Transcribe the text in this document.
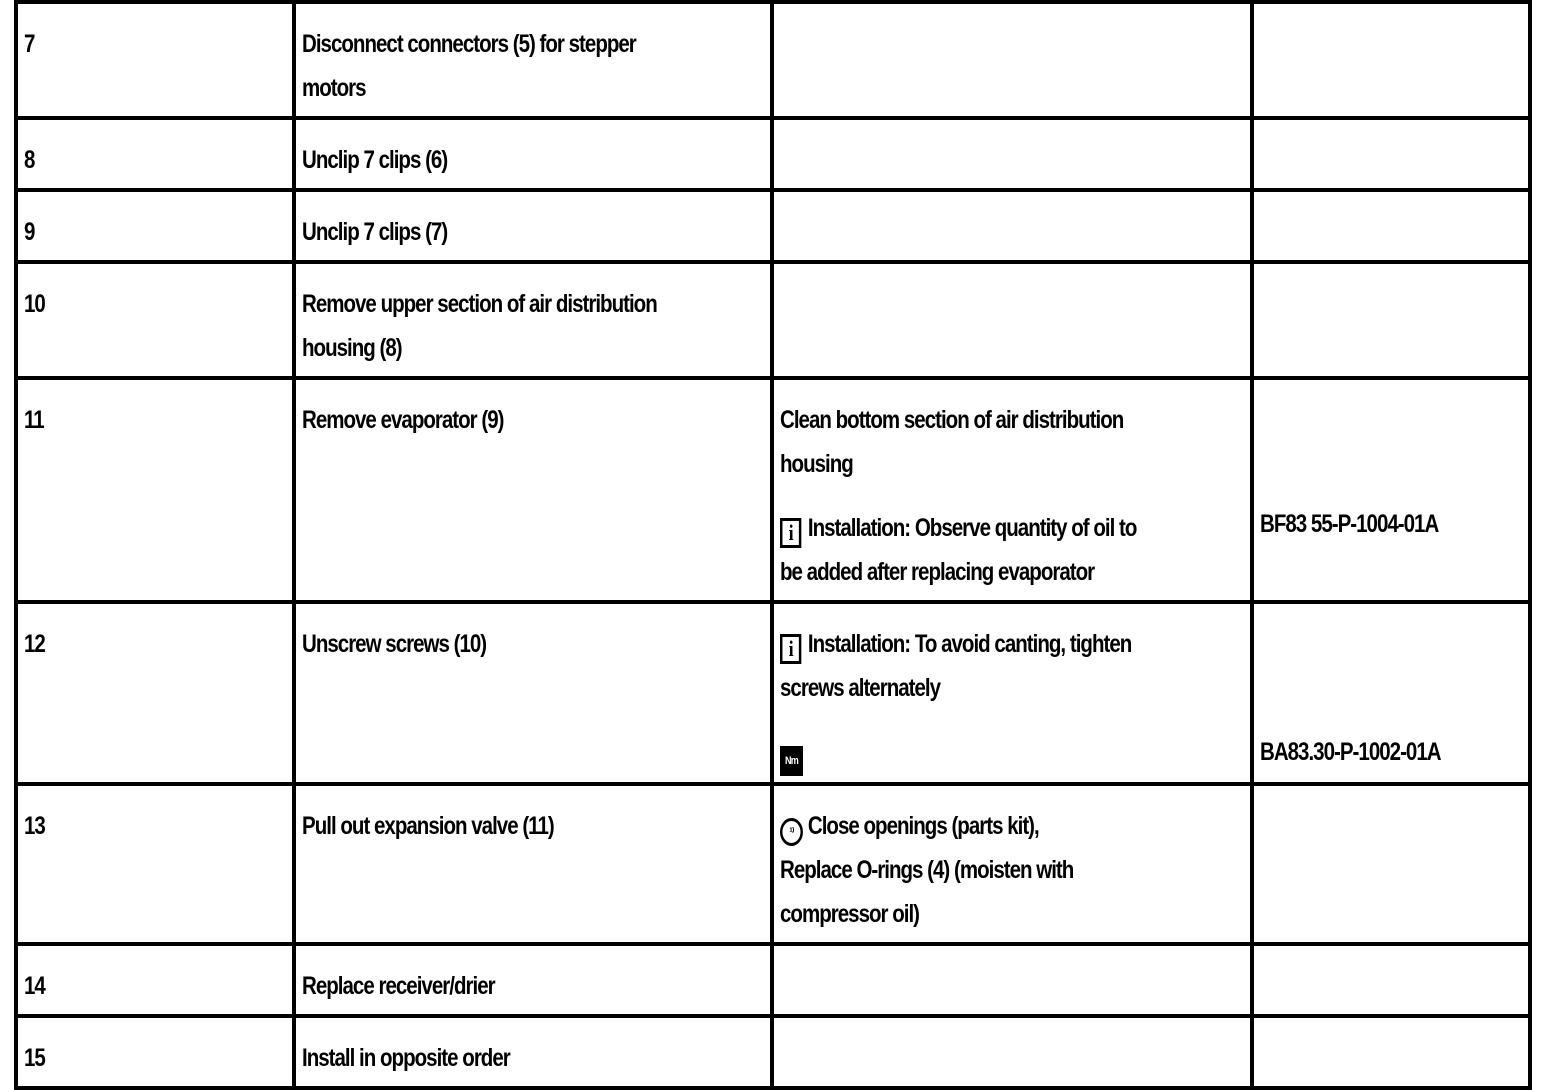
7	Disconnect connectors (5) for stepper
motors		

8	Unclip 7 clips (6)		
9	Unclip 7 clips (7)		
10	Remove upper section of air distribution
housing (8)		

11	Remove evaporator (9)	Clean bottom section of air distribution
housing
i Installation: Observe quantity of oil to
be added after replacing evaporator	BF83 55-P-1004-01A

12	Unscrew screws (10)	i Installation: To avoid canting, tighten
screws alternately
Nm	BA83.30-P-1002-01A

13	Pull out expansion valve (11)	¹⁾ Close openings (parts kit),
Replace O-rings (4) (moisten with
compressor oil)	

14	Replace receiver/drier		
15	Install in opposite order		
